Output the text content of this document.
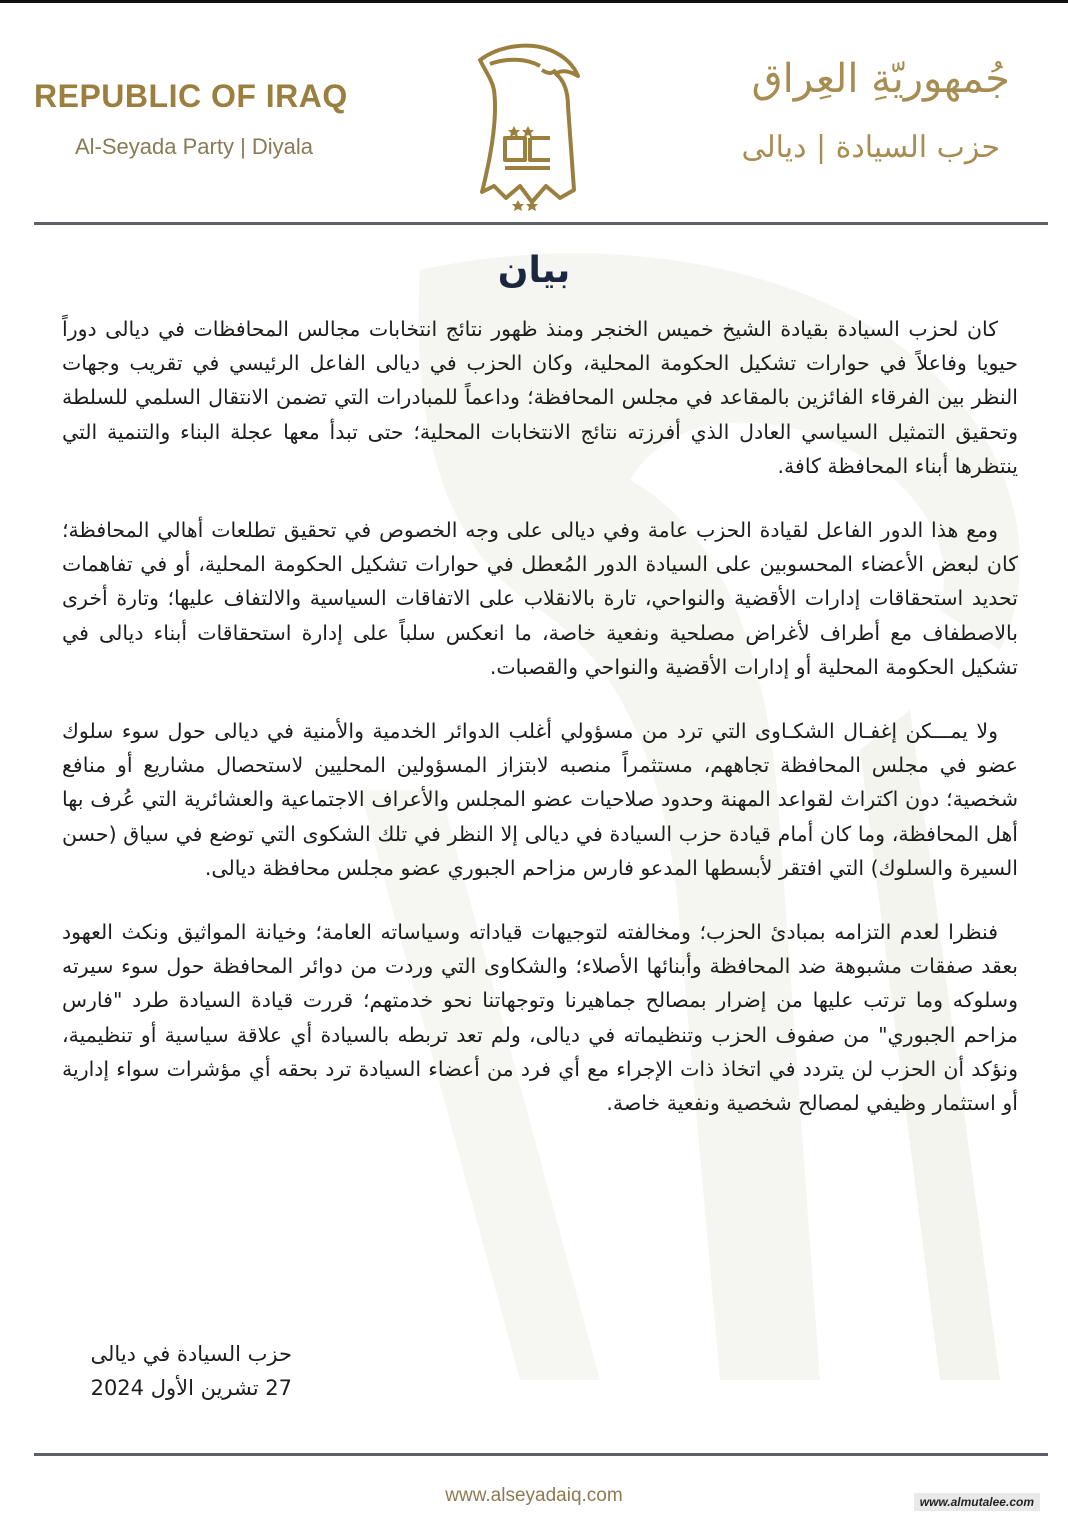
REPUBLIC OF IRAQ
Al-Seyada Party | Diyala
جُمهوريّةِ العِراق
حزب السيادة | ديالى
بيان

كان لحزب السيادة بقيادة الشيخ خميس الخنجر ومنذ ظهور نتائج انتخابات مجالس المحافظات في ديالى دوراً حيويا وفاعلاً في حوارات تشكيل الحكومة المحلية، وكان الحزب في ديالى الفاعل الرئيسي في تقريب وجهات النظر بين الفرقاء الفائزين بالمقاعد في مجلس المحافظة؛ وداعماً للمبادرات التي تضمن الانتقال السلمي للسلطة وتحقيق التمثيل السياسي العادل الذي أفرزته نتائج الانتخابات المحلية؛ حتى تبدأ معها عجلة البناء والتنمية التي ينتظرها أبناء المحافظة كافة.

ومع هذا الدور الفاعل لقيادة الحزب عامة وفي ديالى على وجه الخصوص في تحقيق تطلعات أهالي المحافظة؛ كان لبعض الأعضاء المحسوبين على السيادة الدور المُعطل في حوارات تشكيل الحكومة المحلية، أو في تفاهمات تحديد استحقاقات إدارات الأقضية والنواحي، تارة بالانقلاب على الاتفاقات السياسية والالتفاف عليها؛ وتارة أخرى بالاصطفاف مع أطراف لأغراض مصلحية ونفعية خاصة، ما انعكس سلباً على إدارة استحقاقات أبناء ديالى في تشكيل الحكومة المحلية أو إدارات الأقضية والنواحي والقصبات.

ولا يمـــكن إغفـال الشكـاوى التي ترد من مسؤولي أغلب الدوائر الخدمية والأمنية في ديالى حول سوء سلوك عضو في مجلس المحافظة تجاههم، مستثمراً منصبه لابتزاز المسؤولين المحليين لاستحصال مشاريع أو منافع شخصية؛ دون اكتراث لقواعد المهنة وحدود صلاحيات عضو المجلس والأعراف الاجتماعية والعشائرية التي عُرف بها أهل المحافظة، وما كان أمام قيادة حزب السيادة في ديالى إلا النظر في تلك الشكوى التي توضع في سياق (حسن السيرة والسلوك) التي افتقر لأبسطها المدعو فارس مزاحم الجبوري عضو مجلس محافظة ديالى.

فنظرا لعدم التزامه بمبادئ الحزب؛ ومخالفته لتوجيهات قياداته وسياساته العامة؛ وخيانة المواثيق ونكث العهود بعقد صفقات مشبوهة ضد المحافظة وأبنائها الأصلاء؛ والشكاوى التي وردت من دوائر المحافظة حول سوء سيرته وسلوكه وما ترتب عليها من إضرار بمصالح جماهيرنا وتوجهاتنا نحو خدمتهم؛ قررت قيادة السيادة طرد "فارس مزاحم الجبوري" من صفوف الحزب وتنظيماته في ديالى، ولم تعد تربطه بالسيادة أي علاقة سياسية أو تنظيمية، ونؤكد أن الحزب لن يتردد في اتخاذ ذات الإجراء مع أي فرد من أعضاء السيادة ترد بحقه أي مؤشرات سواء إدارية أو استثمار وظيفي لمصالح شخصية ونفعية خاصة.

حزب السيادة في ديالى
27 تشرين الأول 2024
www.alseyadaiq.com	www.almutalee.com
